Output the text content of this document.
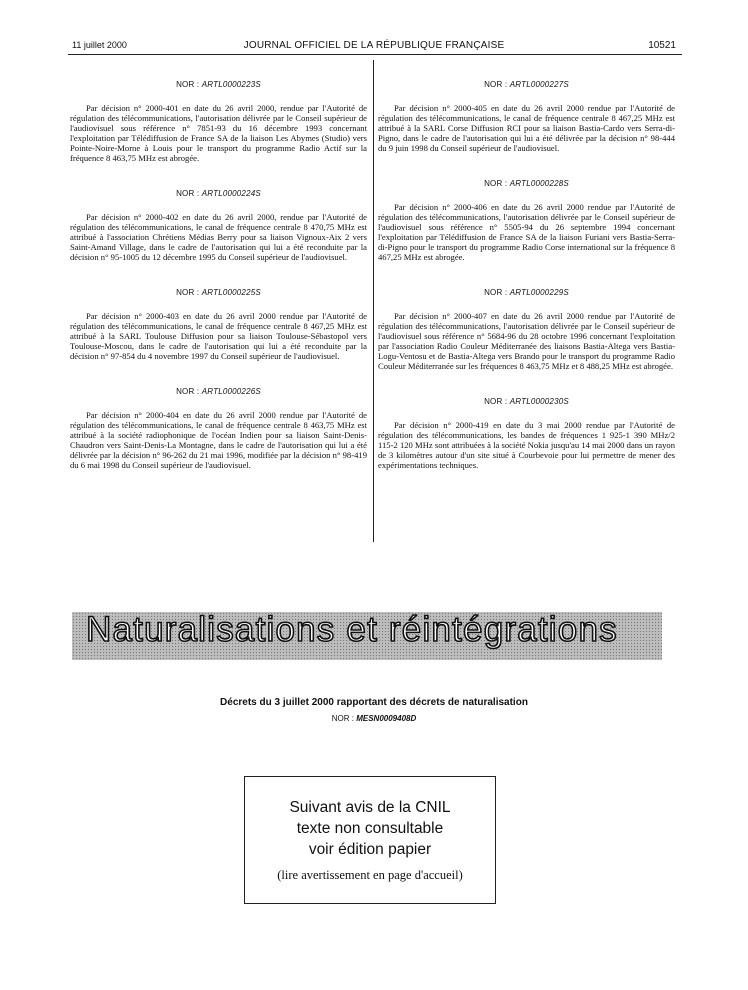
11 juillet 2000	JOURNAL OFFICIEL DE LA RÉPUBLIQUE FRANÇAISE	10521
NOR : ARTL0000223S

Par décision n° 2000-401 en date du 26 avril 2000, rendue par l'Autorité de régulation des télécommunications, l'autorisation délivrée par le Conseil supérieur de l'audiovisuel sous référence n° 7851-93 du 16 décembre 1993 concernant l'exploitation par Télédiffusion de France SA de la liaison Les Abymes (Studio) vers Pointe-Noire-Morne à Louis pour le transport du programme Radio Actif sur la fréquence 8 463,75 MHz est abrogée.

NOR : ARTL0000224S

Par décision n° 2000-402 en date du 26 avril 2000, rendue par l'Autorité de régulation des télécommunications, le canal de fréquence centrale 8 470,75 MHz est attribué à l'association Chrétiens Médias Berry pour sa liaison Vignoux-Aix 2 vers Saint-Amand Village, dans le cadre de l'autorisation qui lui a été reconduite par la décision n° 95-1005 du 12 décembre 1995 du Conseil supérieur de l'audiovisuel.

NOR : ARTL0000225S

Par décision n° 2000-403 en date du 26 avril 2000 rendue par l'Autorité de régulation des télécommunications, le canal de fréquence centrale 8 467,25 MHz est attribué à la SARL Toulouse Diffusion pour sa liaison Toulouse-Sébastopol vers Toulouse-Moscou, dans le cadre de l'autorisation qui lui a été reconduite par la décision n° 97-854 du 4 novembre 1997 du Conseil supérieur de l'audiovisuel.

NOR : ARTL0000226S

Par décision n° 2000-404 en date du 26 avril 2000 rendue par l'Autorité de régulation des télécommunications, le canal de fréquence centrale 8 463,75 MHz est attribué à la société radiophonique de l'océan Indien pour sa liaison Saint-Denis-Chaudron vers Saint-Denis-La Montagne, dans le cadre de l'autorisation qui lui a été délivrée par la décision n° 96-262 du 21 mai 1996, modifiée par la décision n° 98-419 du 6 mai 1998 du Conseil supérieur de l'audiovisuel.

NOR : ARTL0000227S

Par décision n° 2000-405 en date du 26 avril 2000 rendue par l'Autorité de régulation des télécommunications, le canal de fréquence centrale 8 467,25 MHz est attribué à la SARL Corse Diffusion RCI pour sa liaison Bastia-Cardo vers Serra-di-Pigno, dans le cadre de l'autorisation qui lui a été délivrée par la décision n° 98-444 du 9 juin 1998 du Conseil supérieur de l'audiovisuel.

NOR : ARTL0000228S

Par décision n° 2000-406 en date du 26 avril 2000 rendue par l'Autorité de régulation des télécommunications, l'autorisation délivrée par le Conseil supérieur de l'audiovisuel sous référence n° 5505-94 du 26 septembre 1994 concernant l'exploitation par Télédiffusion de France SA de la liaison Furiani vers Bastia-Serra-di-Pigno pour le transport du programme Radio Corse international sur la fréquence 8 467,25 MHz est abrogée.

NOR : ARTL0000229S

Par décision n° 2000-407 en date du 26 avril 2000 rendue par l'Autorité de régulation des télécommunications, l'autorisation délivrée par le Conseil supérieur de l'audiovisuel sous référence n° 5684-96 du 28 octobre 1996 concernant l'exploitation par l'association Radio Couleur Méditerranée des liaisons Bastia-Altega vers Bastia-Logu-Ventosu et de Bastia-Altega vers Brando pour le transport du programme Radio Couleur Méditerranée sur les fréquences 8 463,75 MHz et 8 488,25 MHz est abrogée.

NOR : ARTL0000230S

Par décision n° 2000-419 en date du 3 mai 2000 rendue par l'Autorité de régulation des télécommunications, les bandes de fréquences 1 925-1 390 MHz/2 115-2 120 MHz sont attribuées à la société Nokia jusqu'au 14 mai 2000 dans un rayon de 3 kilomètres autour d'un site situé à Courbevoie pour lui permettre de mener des expérimentations techniques.

Naturalisations et réintégrations
Décrets du 3 juillet 2000 rapportant des décrets de naturalisation
NOR : MESN0009408D
Suivant avis de la CNIL
texte non consultable
voir édition papier
(lire avertissement en page d'accueil)
